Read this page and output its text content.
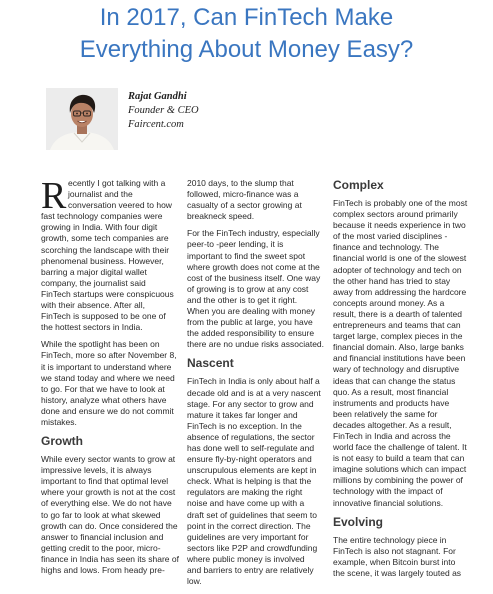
In 2017, Can FinTech Make
Everything About Money Easy?
Rajat Gandhi
Founder & CEO
Faircent.com
R ecently I got talking with a
journalist and the
conversation veered to how
fast technology companies were
growing in India. With four digit
growth, some tech companies are
scorching the landscape with their
phenomenal business. However,
barring a major digital wallet
company, the journalist said
FinTech startups were conspicuous
with their absence. After all,
FinTech is supposed to be one of
the hottest sectors in India.
While the spotlight has been on
FinTech, more so after November 8,
it is important to understand where
we stand today and where we need
to go. For that we have to look at
history, analyze what others have
done and ensure we do not commit
mistakes.
Growth
While every sector wants to grow at
impressive levels, it is always
important to find that optimal level
where your growth is not at the cost
of everything else. We do not have
to go far to look at what skewed
growth can do. Once considered the
answer to financial inclusion and
getting credit to the poor, micro-
finance in India has seen its share of
highs and lows. From heady pre-
2010 days, to the slump that
followed, micro-finance was a
casualty of a sector growing at
breakneck speed.
For the FinTech industry, especially
peer-to -peer lending, it is
important to find the sweet spot
where growth does not come at the
cost of the business itself. One way
of growing is to grow at any cost
and the other is to get it right.
When you are dealing with money
from the public at large, you have
the added responsibility to ensure
there are no undue risks associated.
Nascent
FinTech in India is only about half a
decade old and is at a very nascent
stage. For any sector to grow and
mature it takes far longer and
FinTech is no exception. In the
absence of regulations, the sector
has done well to self-regulate and
ensure fly-by-night operators and
unscrupulous elements are kept in
check. What is helping is that the
regulators are making the right
noise and have come up with a
draft set of guidelines that seem to
point in the correct direction. The
guidelines are very important for
sectors like P2P and crowdfunding
where public money is involved
and barriers to entry are relatively
low.
Complex
FinTech is probably one of the most
complex sectors around primarily
because it needs experience in two
of the most varied disciplines -
finance and technology. The
financial world is one of the slowest
adopter of technology and tech on
the other hand has tried to stay
away from addressing the hardcore
concepts around money. As a
result, there is a dearth of talented
entrepreneurs and teams that can
target large, complex pieces in the
financial domain. Also, large banks
and financial institutions have been
wary of technology and disruptive
ideas that can change the status
quo. As a result, most financial
instruments and products have
been relatively the same for
decades altogether. As a result,
FinTech in India and across the
world face the challenge of talent. It
is not easy to build a team that can
imagine solutions which can impact
millions by combining the power of
technology with the impact of
innovative financial solutions.
Evolving
The entire technology piece in
FinTech is also not stagnant. For
example, when Bitcoin burst into
the scene, it was largely touted as
